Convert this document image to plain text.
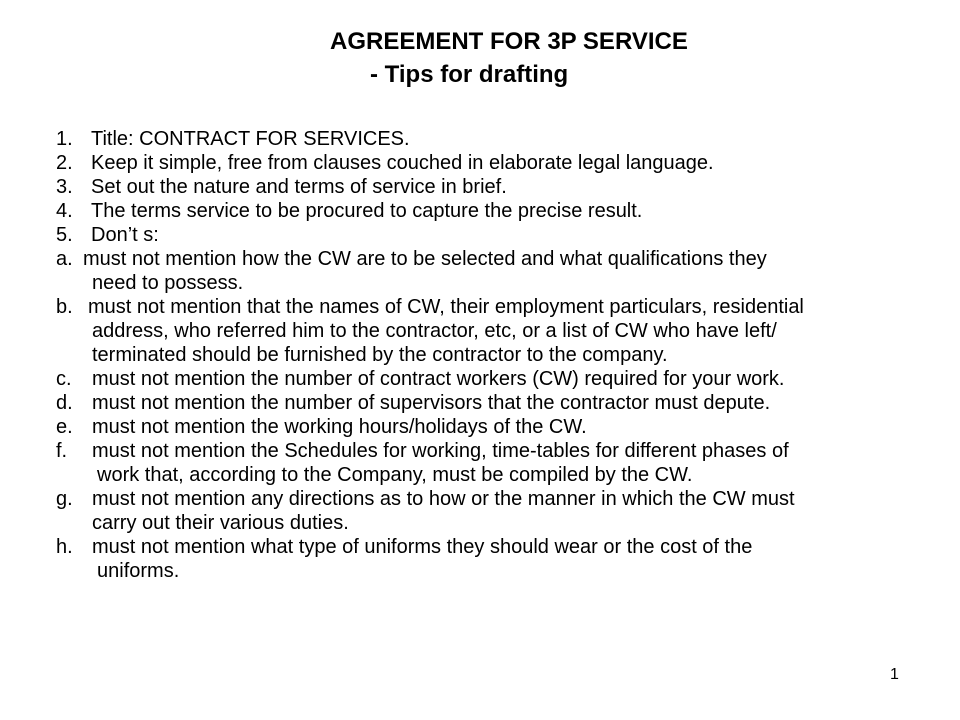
AGREEMENT FOR 3P SERVICE
- Tips for drafting
1. Title: CONTRACT FOR SERVICES.
2. Keep it simple, free from clauses couched in elaborate legal language.
3. Set out the nature and terms of service in brief.
4. The terms service to be procured to capture the precise result.
5. Don’t s:
a. must not mention how the CW are to be selected and what qualifications they
need to possess.
b. must not mention that the names of CW, their employment particulars, residential
address, who referred him to the contractor, etc, or a list of CW who have left/
terminated should be furnished by the contractor to the company.
c. must not mention the number of contract workers (CW) required for your work.
d. must not mention the number of supervisors that the contractor must depute.
e. must not mention the working hours/holidays of the CW.
f. must not mention the Schedules for working, time-tables for different phases of
work that, according to the Company, must be compiled by the CW.
g. must not mention any directions as to how or the manner in which the CW must
carry out their various duties.
h. must not mention what type of uniforms they should wear or the cost of the
uniforms.
1
